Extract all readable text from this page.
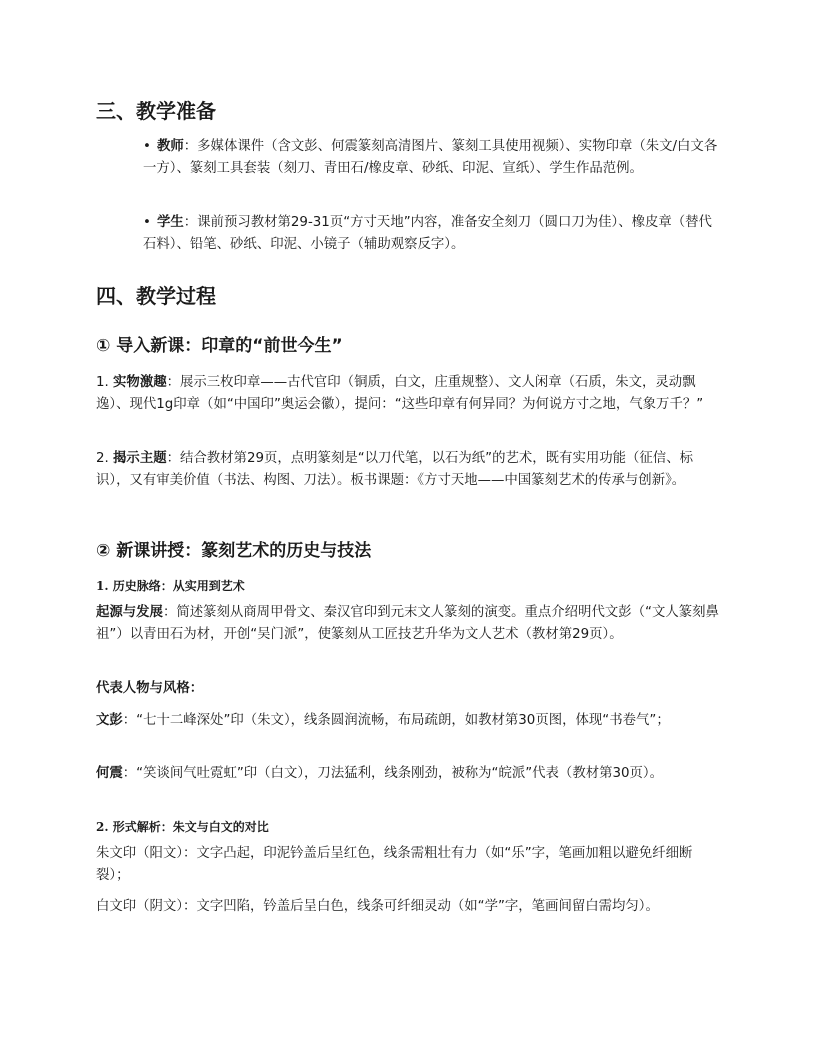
三、教学准备

• 教师：多媒体课件（含文彭、何震篆刻高清图片、篆刻工具使用视频）、实物印章（朱文/白文各一方）、篆刻工具套装（刻刀、青田石/橡皮章、砂纸、印泥、宣纸）、学生作品范例。

• 学生：课前预习教材第29-31页“方寸天地”内容，准备安全刻刀（圆口刀为佳）、橡皮章（替代石料）、铅笔、砂纸、印泥、小镜子（辅助观察反字）。

四、教学过程
① 导入新课：印章的“前世今生”

1. 实物激趣：展示三枚印章——古代官印（铜质，白文，庄重规整）、文人闲章（石质，朱文，灵动飘逸）、现代1g印章（如“中国印”奥运会徽），提问：“这些印章有何异同？为何说方寸之地，气象万千？”

2. 揭示主题：结合教材第29页，点明篆刻是“以刀代笔，以石为纸”的艺术，既有实用功能（征信、标识），又有审美价值（书法、构图、刀法）。板书课题：《方寸天地——中国篆刻艺术的传承与创新》。

② 新课讲授：篆刻艺术的历史与技法
1. 历史脉络：从实用到艺术

起源与发展：简述篆刻从商周甲骨文、秦汉官印到元末文人篆刻的演变。重点介绍明代文彭（“文人篆刻鼻祖”）以青田石为材，开创“吴门派”，使篆刻从工匠技艺升华为文人艺术（教材第29页）。

代表人物与风格：

文彭：“七十二峰深处”印（朱文），线条圆润流畅，布局疏朗，如教材第30页图，体现“书卷气”；

何震：“笑谈间气吐霓虹”印（白文），刀法猛利，线条刚劲，被称为“皖派”代表（教材第30页）。

2. 形式解析：朱文与白文的对比

朱文印（阳文）：文字凸起，印泥钤盖后呈红色，线条需粗壮有力（如“乐”字，笔画加粗以避免纤细断裂）；

白文印（阴文）：文字凹陷，钤盖后呈白色，线条可纤细灵动（如“学”字，笔画间留白需均匀）。
